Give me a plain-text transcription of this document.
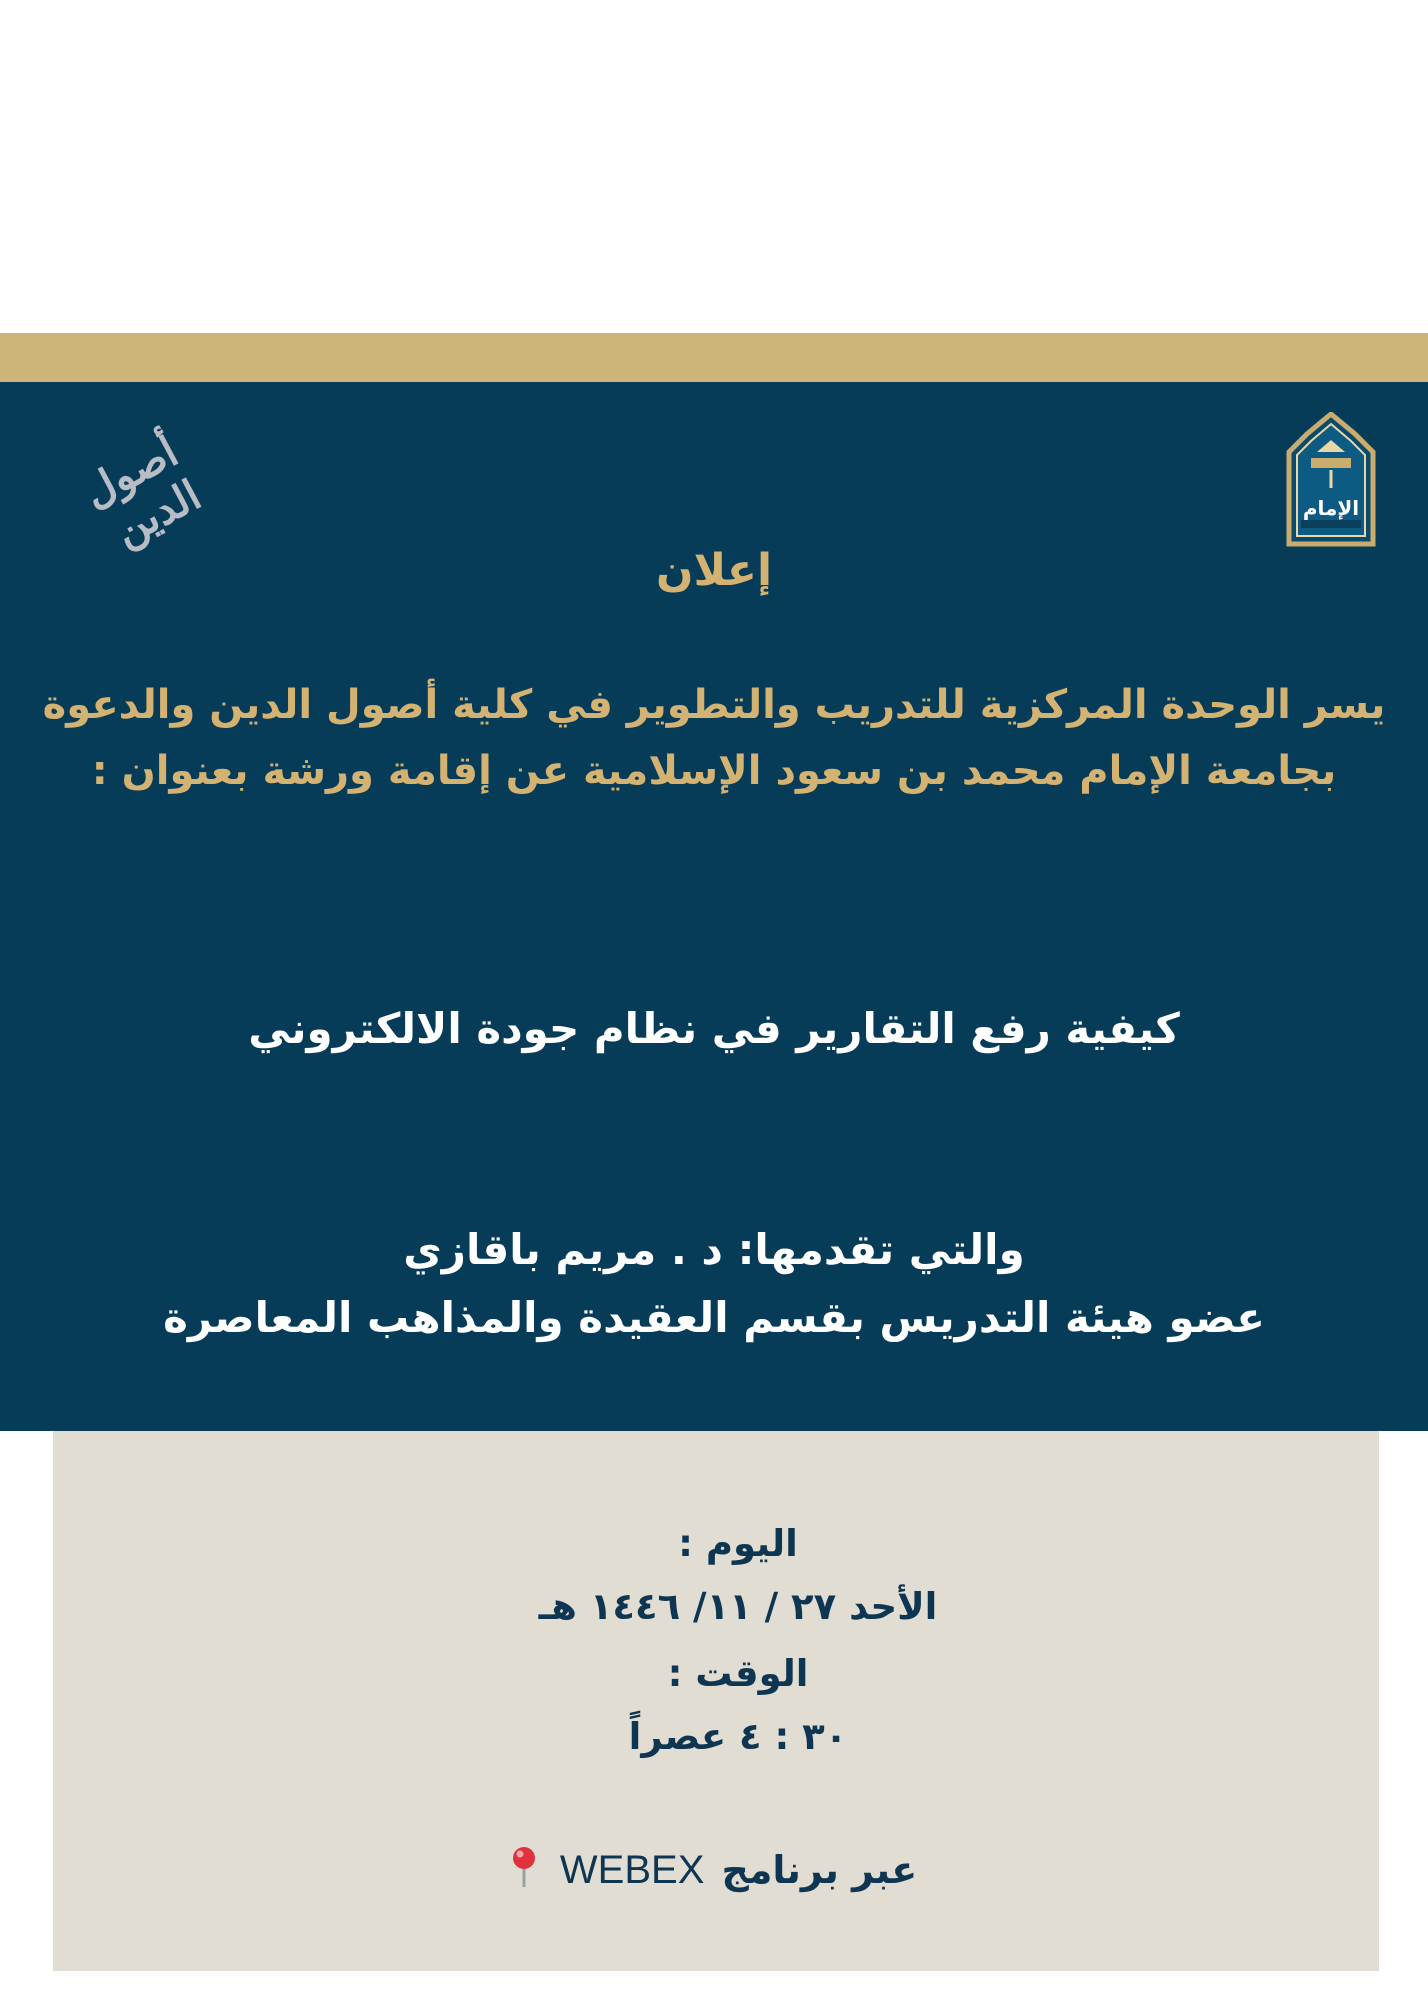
الإمام
أصول الدين

إعلان

يسر الوحدة المركزية للتدريب والتطوير في كلية أصول الدين والدعوة

بجامعة الإمام محمد بن سعود الإسلامية عن إقامة ورشة بعنوان :

كيفية رفع التقارير في نظام جودة الالكتروني

والتي تقدمها: د . مريم باقازي

عضو هيئة التدريس بقسم العقيدة والمذاهب المعاصرة

اليوم :

الأحد ٢٧ / ١١/ ١٤٤٦ هـ

الوقت :

٣٠ : ٤ عصراً

عبر برنامج WEBEX
